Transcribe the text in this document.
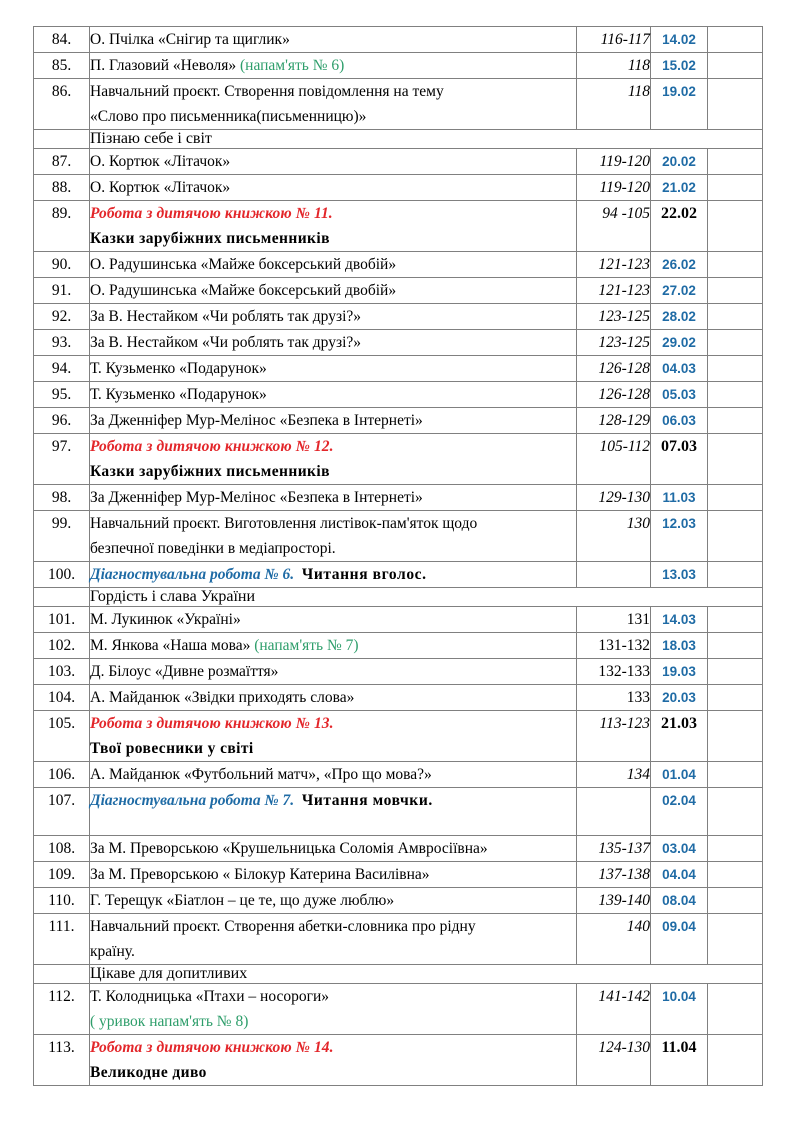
84.	О. Пчілка «Снігир та щиглик»	116-117	14.02	
85.	П. Глазовий «Неволя» (напам'ять № 6)	118	15.02	
86.	Навчальний проєкт. Створення повідомлення на тему
«Слово про письменника(письменницю)»	118	19.02	
	Пізнаю себе і світ			
87.	О. Кортюк «Літачок»	119-120	20.02	
88.	О. Кортюк «Літачок»	119-120	21.02	
89.	Робота з дитячою книжкою № 11.
Казки зарубіжних письменників	94 -105	22.02	
90.	О. Радушинська «Майже боксерський двобій»	121-123	26.02	
91.	О. Радушинська «Майже боксерський двобій»	121-123	27.02	
92.	За В. Нестайком «Чи роблять так друзі?»	123-125	28.02	
93.	За В. Нестайком «Чи роблять так друзі?»	123-125	29.02	
94.	Т. Кузьменко «Подарунок»	126-128	04.03	
95.	Т. Кузьменко «Подарунок»	126-128	05.03	
96.	За Дженніфер Мур-Мелінос «Безпека в Інтернеті»	128-129	06.03	
97.	Робота з дитячою книжкою № 12.
Казки зарубіжних письменників	105-112	07.03	
98.	За Дженніфер Мур-Мелінос «Безпека в Інтернеті»	129-130	11.03	
99.	Навчальний проєкт. Виготовлення листівок-пам'яток щодо
безпечної поведінки в медіапросторі.	130	12.03	
100.	Діагностувальна робота № 6. Читання вголос.		13.03	
	Гордість і слава України			
101.	М. Лукинюк «Україні»	131	14.03	
102.	М. Янкова «Наша мова» (напам'ять № 7)	131-132	18.03	
103.	Д. Білоус «Дивне розмаїття»	132-133	19.03	
104.	А. Майданюк «Звідки приходять слова»	133	20.03	
105.	Робота з дитячою книжкою № 13.
Твої ровесники у світі	113-123	21.03	
106.	А. Майданюк «Футбольний матч», «Про що мова?»	134	01.04	
107.	Діагностувальна робота № 7. Читання мовчки.		02.04	
108.	За М. Преворською «Крушельницька Соломія Амвросіївна»	135-137	03.04	
109.	За М. Преворською « Білокур Катерина Василівна»	137-138	04.04	
110.	Г. Терещук «Біатлон – це те, що дуже люблю»	139-140	08.04	
111.	Навчальний проєкт. Створення абетки-словника про рідну
країну.	140	09.04	
	Цікаве для допитливих			
112.	Т. Колодницька «Птахи – носороги»
( уривок напам'ять № 8)	141-142	10.04	
113.	Робота з дитячою книжкою № 14.
Великодне диво	124-130	11.04	
